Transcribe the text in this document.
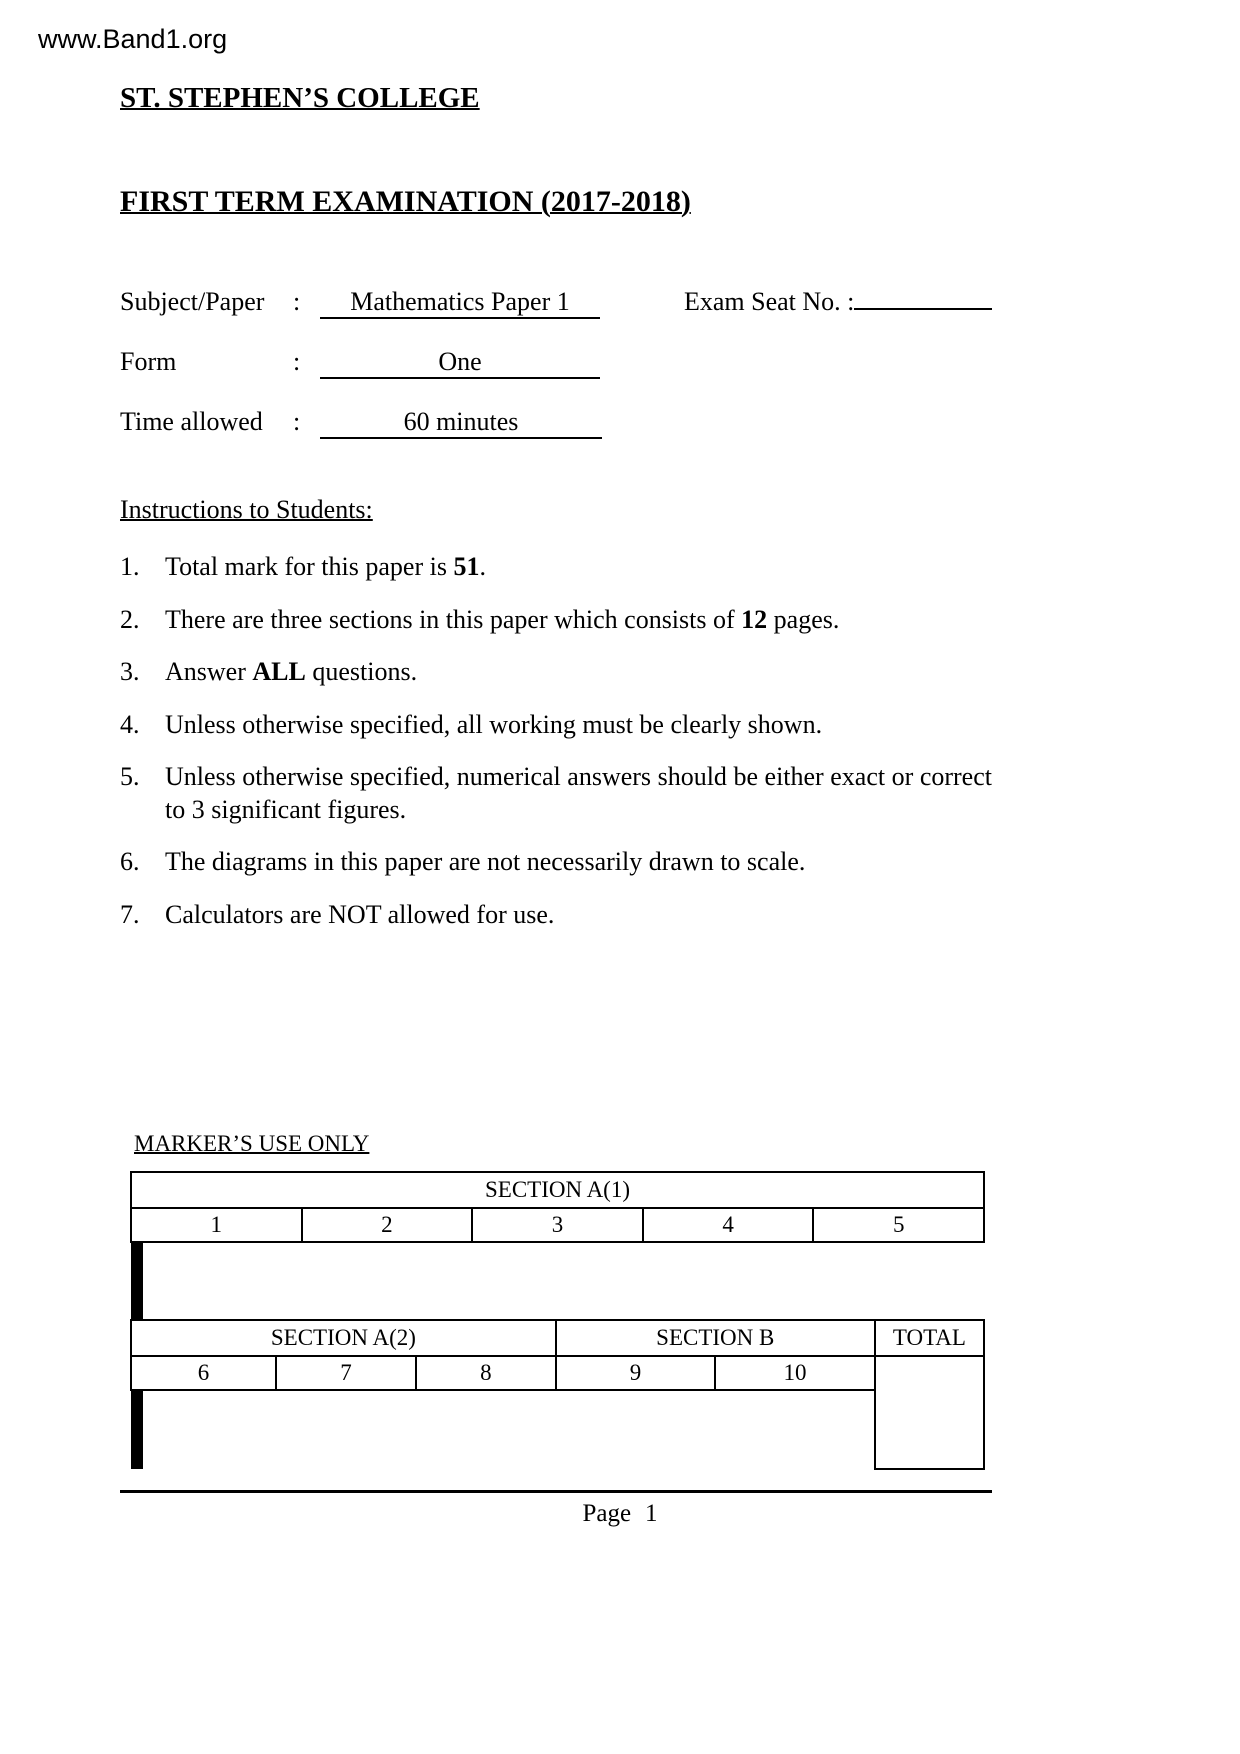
www.Band1.org
ST. STEPHEN’S COLLEGE
FIRST TERM EXAMINATION (2017-2018)
Subject/Paper	:	Mathematics Paper 1	Exam Seat No. :
Form	:	One
Time allowed	:	60 minutes
Instructions to Students:
1. Total mark for this paper is 51.
2. There are three sections in this paper which consists of 12 pages.
3. Answer ALL questions.
4. Unless otherwise specified, all working must be clearly shown.
5. Unless otherwise specified, numerical answers should be either exact or correct to 3 significant figures.
6. The diagrams in this paper are not necessarily drawn to scale.
7. Calculators are NOT allowed for use.
MARKER’S USE ONLY
SECTION A(1)
1	2	3	4	5

SECTION A(2)	SECTION B	TOTAL
6	7	8	9	10	

Page 1
